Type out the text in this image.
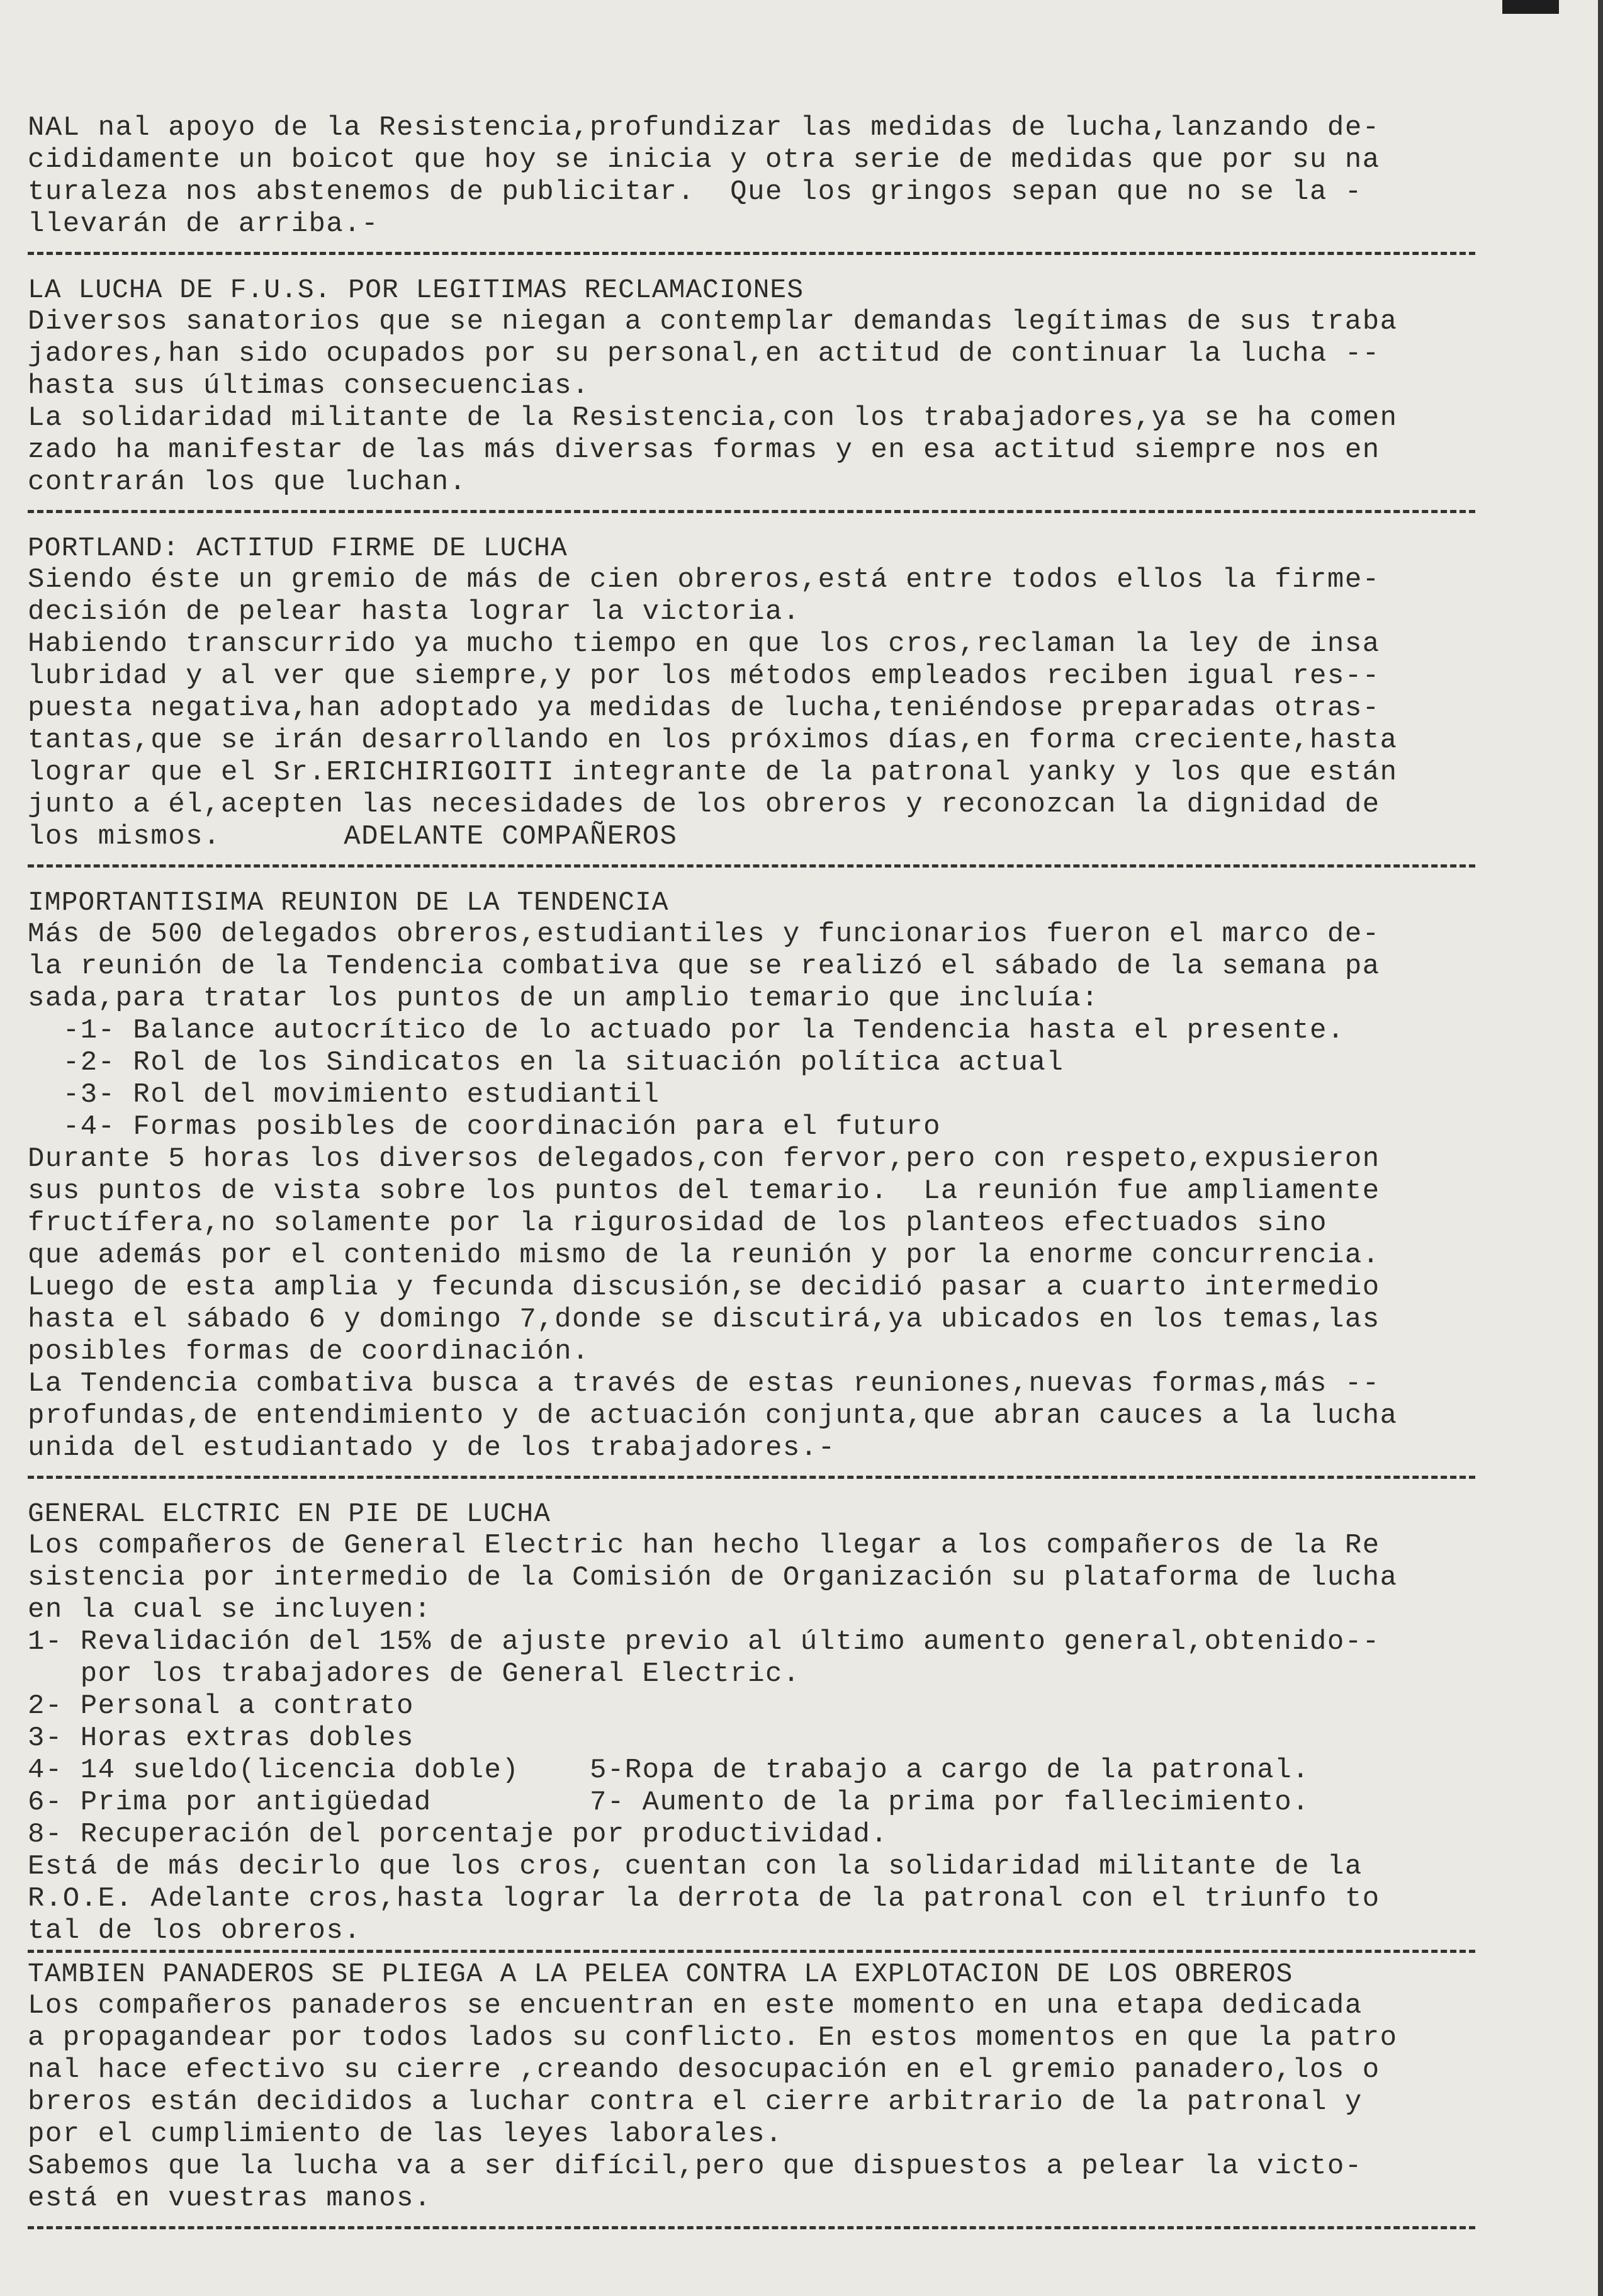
NAL nal apoyo de la Resistencia,profundizar las medidas de lucha,lanzando de-
cididamente un boicot que hoy se inicia y otra serie de medidas que por su na
turaleza nos abstenemos de publicitar.  Que los gringos sepan que no se la -
llevarán de arriba.-
LA LUCHA DE F.U.S. POR LEGITIMAS RECLAMACIONES
Diversos sanatorios que se niegan a contemplar demandas legítimas de sus traba
jadores,han sido ocupados por su personal,en actitud de continuar la lucha --
hasta sus últimas consecuencias.
La solidaridad militante de la Resistencia,con los trabajadores,ya se ha comen
zado ha manifestar de las más diversas formas y en esa actitud siempre nos en
contrarán los que luchan.
PORTLAND: ACTITUD FIRME DE LUCHA
Siendo éste un gremio de más de cien obreros,está entre todos ellos la firme-
decisión de pelear hasta lograr la victoria.
Habiendo transcurrido ya mucho tiempo en que los cros,reclaman la ley de insa
lubridad y al ver que siempre,y por los métodos empleados reciben igual res--
puesta negativa,han adoptado ya medidas de lucha,teniéndose preparadas otras-
tantas,que se irán desarrollando en los próximos días,en forma creciente,hasta
lograr que el Sr.ERICHIRIGOITI integrante de la patronal yanky y los que están
junto a él,acepten las necesidades de los obreros y reconozcan la dignidad de
los mismos.       ADELANTE COMPAÑEROS
IMPORTANTISIMA REUNION DE LA TENDENCIA
Más de 500 delegados obreros,estudiantiles y funcionarios fueron el marco de-
la reunión de la Tendencia combativa que se realizó el sábado de la semana pa
sada,para tratar los puntos de un amplio temario que incluía:
-1- Balance autocrítico de lo actuado por la Tendencia hasta el presente.
-2- Rol de los Sindicatos en la situación política actual
-3- Rol del movimiento estudiantil
-4- Formas posibles de coordinación para el futuro
Durante 5 horas los diversos delegados,con fervor,pero con respeto,expusieron
sus puntos de vista sobre los puntos del temario.  La reunión fue ampliamente
fructífera,no solamente por la rigurosidad de los planteos efectuados sino
que además por el contenido mismo de la reunión y por la enorme concurrencia.
Luego de esta amplia y fecunda discusión,se decidió pasar a cuarto intermedio
hasta el sábado 6 y domingo 7,donde se discutirá,ya ubicados en los temas,las
posibles formas de coordinación.
La Tendencia combativa busca a través de estas reuniones,nuevas formas,más --
profundas,de entendimiento y de actuación conjunta,que abran cauces a la lucha
unida del estudiantado y de los trabajadores.-
GENERAL ELCTRIC EN PIE DE LUCHA
Los compañeros de General Electric han hecho llegar a los compañeros de la Re
sistencia por intermedio de la Comisión de Organización su plataforma de lucha
en la cual se incluyen:
1- Revalidación del 15% de ajuste previo al último aumento general,obtenido--
por los trabajadores de General Electric.
2- Personal a contrato
3- Horas extras dobles
4- 14 sueldo(licencia doble)    5-Ropa de trabajo a cargo de la patronal.
6- Prima por antigüedad         7- Aumento de la prima por fallecimiento.
8- Recuperación del porcentaje por productividad.
Está de más decirlo que los cros, cuentan con la solidaridad militante de la
R.O.E. Adelante cros,hasta lograr la derrota de la patronal con el triunfo to
tal de los obreros.
TAMBIEN PANADEROS SE PLIEGA A LA PELEA CONTRA LA EXPLOTACION DE LOS OBREROS
Los compañeros panaderos se encuentran en este momento en una etapa dedicada
a propagandear por todos lados su conflicto. En estos momentos en que la patro
nal hace efectivo su cierre ,creando desocupación en el gremio panadero,los o
breros están decididos a luchar contra el cierre arbitrario de la patronal y
por el cumplimiento de las leyes laborales.
Sabemos que la lucha va a ser difícil,pero que dispuestos a pelear la victo-
está en vuestras manos.
